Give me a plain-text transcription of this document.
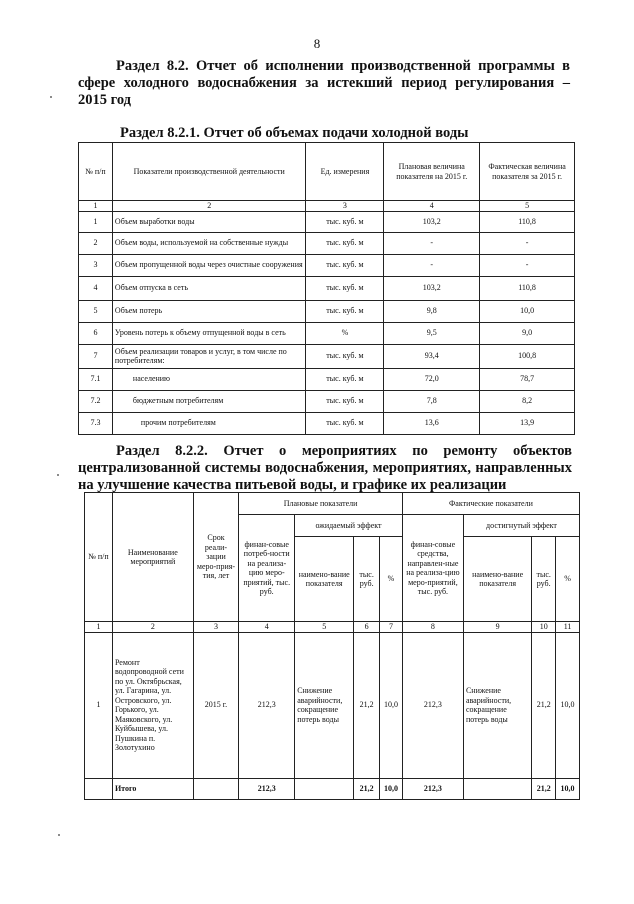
8

Раздел 8.2. Отчет об исполнении производственной программы в

сфере холодного водоснабжения за истекший период регулирования –

2015 год

Раздел 8.2.1. Отчет об объемах подачи холодной воды
№ п/п	Показатели производственной деятельности	Ед. измерения	Плановая величина показателя на 2015 г.	Фактическая величина показателя за 2015 г.
1	2	3	4	5
1	Объем выработки воды	тыс. куб. м	103,2	110,8
2	Объем воды, используемой на собственные нужды	тыс. куб. м	-	-
3	Объем пропущенной воды через очистные сооружения	тыс. куб. м	-	-
4	Объем отпуска в сеть	тыс. куб. м	103,2	110,8
5	Объем потерь	тыс. куб. м	9,8	10,0
6	Уровень потерь к объему отпущенной воды в сеть	%	9,5	9,0
7	Объем реализации товаров и услуг, в том числе по потребителям:	тыс. куб. м	93,4	100,8
7.1	населению	тыс. куб. м	72,0	78,7
7.2	бюджетным потребителям	тыс. куб. м	7,8	8,2
7.3	прочим потребителям	тыс. куб. м	13,6	13,9

Раздел 8.2.2. Отчет о мероприятиях по ремонту объектов

централизованной системы водоснабжения, мероприятиях, направленных

на улучшение качества питьевой воды, и графике их реализации

№ п/п	Наименование мероприятий	Срок реали-зации меро-прия-тия, лет	Плановые показатели				Фактические показатели			
			финан-совые потреб-ности на реализа-цию меро-приятий, тыс. руб.	ожидаемый эффект			финан-совые средства, направлен-ные на реализа-цию меро-приятий, тыс. руб.	достигнутый эффект		
				наимено-вание показателя	тыс. руб.	%		наимено-вание показателя	тыс. руб.	%
1	2	3	4	5	6	7	8	9	10	11
1	Ремонт водопроводной сети по ул. Октябрьская, ул. Гагарина, ул. Островского, ул. Горького, ул. Маяковского, ул. Куйбышева, ул. Пушкина п. Золотухино	2015 г.	212,3	Снижение аварийности, сокращение потерь воды	21,2	10,0	212,3	Снижение аварийности, сокращение потерь воды	21,2	10,0
	Итого		212,3		21,2	10,0	212,3		21,2	10,0
